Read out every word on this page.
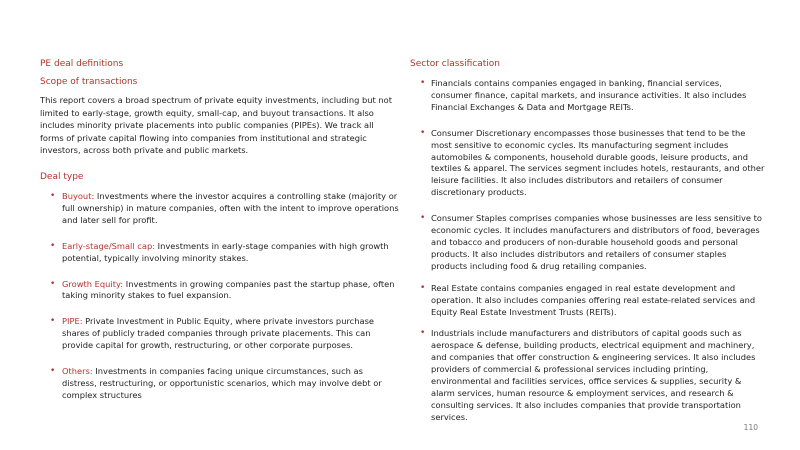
PE deal definitions
Scope of transactions
This report covers a broad spectrum of private equity investments, including but not limited to early-stage, growth equity, small-cap, and buyout transactions. It also includes minority private placements into public companies (PIPEs). We track all forms of private capital flowing into companies from institutional and strategic investors, across both private and public markets.
Deal type
• Buyout: Investments where the investor acquires a controlling stake (majority or full ownership) in mature companies, often with the intent to improve operations and later sell for profit.
• Early-stage/Small cap: Investments in early-stage companies with high growth potential, typically involving minority stakes.
• Growth Equity: Investments in growing companies past the startup phase, often taking minority stakes to fuel expansion.
• PIPE: Private Investment in Public Equity, where private investors purchase shares of publicly traded companies through private placements. This can provide capital for growth, restructuring, or other corporate purposes.
• Others: Investments in companies facing unique circumstances, such as distress, restructuring, or opportunistic scenarios, which may involve debt or complex structures
Sector classification
• Financials contains companies engaged in banking, financial services, consumer finance, capital markets, and insurance activities. It also includes Financial Exchanges & Data and Mortgage REITs.
• Consumer Discretionary encompasses those businesses that tend to be the most sensitive to economic cycles. Its manufacturing segment includes automobiles & components, household durable goods, leisure products, and textiles & apparel. The services segment includes hotels, restaurants, and other leisure facilities. It also includes distributors and retailers of consumer discretionary products.
• Consumer Staples comprises companies whose businesses are less sensitive to economic cycles. It includes manufacturers and distributors of food, beverages and tobacco and producers of non-durable household goods and personal products. It also includes distributors and retailers of consumer staples products including food & drug retailing companies.
• Real Estate contains companies engaged in real estate development and operation. It also includes companies offering real estate-related services and Equity Real Estate Investment Trusts (REITs).
• Industrials include manufacturers and distributors of capital goods such as aerospace & defense, building products, electrical equipment and machinery, and companies that offer construction & engineering services. It also includes providers of commercial & professional services including printing, environmental and facilities services, office services & supplies, security & alarm services, human resource & employment services, and research & consulting services. It also includes companies that provide transportation services.
110
